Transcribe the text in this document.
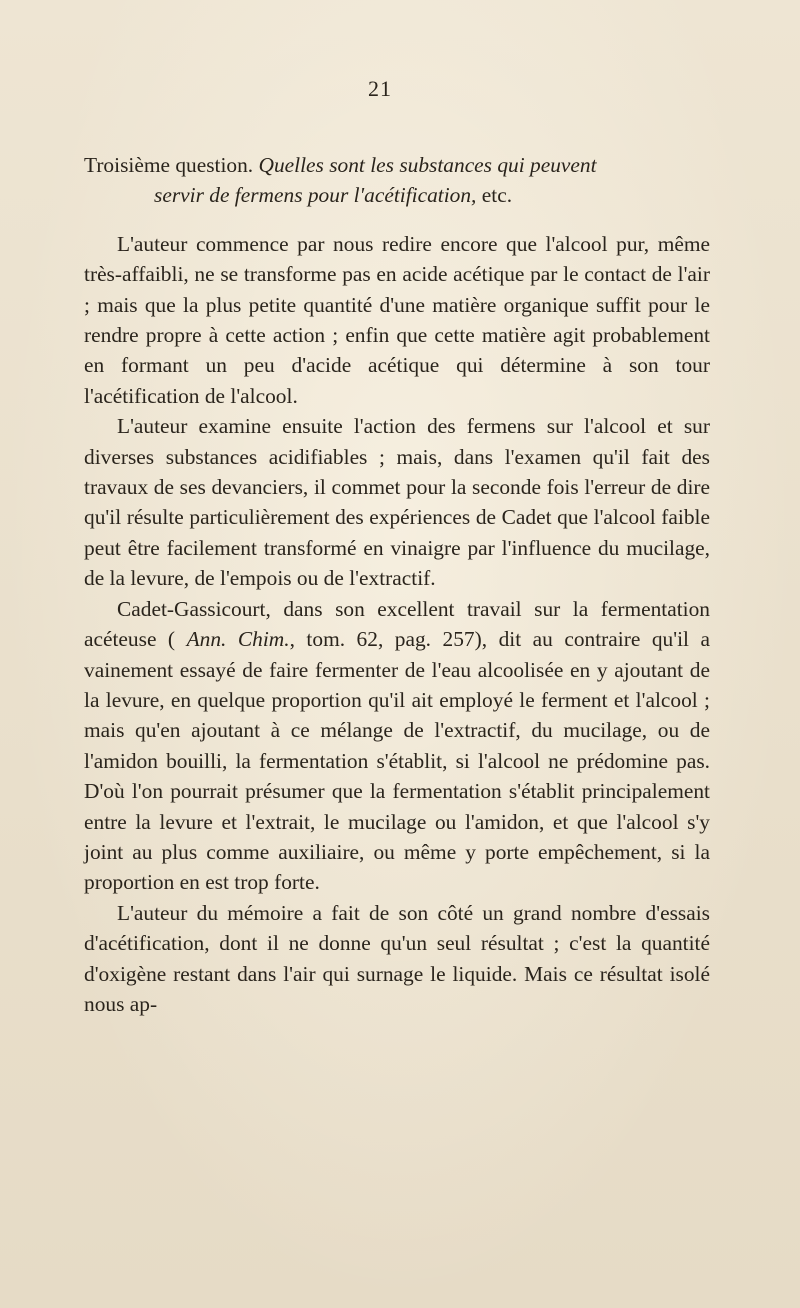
21

Troisième question. Quelles sont les substances qui peuvent
servir de fermens pour l'acétification, etc.

L'auteur commence par nous redire encore que l'alcool pur, même très-affaibli, ne se transforme pas en acide acétique par le contact de l'air ; mais que la plus petite quantité d'une matière organique suffit pour le rendre propre à cette action ; enfin que cette matière agit probablement en formant un peu d'acide acétique qui détermine à son tour l'acétification de l'alcool.

L'auteur examine ensuite l'action des fermens sur l'alcool et sur diverses substances acidifiables ; mais, dans l'examen qu'il fait des travaux de ses devanciers, il commet pour la seconde fois l'erreur de dire qu'il résulte particulièrement des expériences de Cadet que l'alcool faible peut être facilement transformé en vinaigre par l'influence du mucilage, de la levure, de l'empois ou de l'extractif.

Cadet-Gassicourt, dans son excellent travail sur la fermentation acéteuse ( Ann. Chim., tom. 62, pag. 257), dit au contraire qu'il a vainement essayé de faire fermenter de l'eau alcoolisée en y ajoutant de la levure, en quelque proportion qu'il ait employé le ferment et l'alcool ; mais qu'en ajoutant à ce mélange de l'extractif, du mucilage, ou de l'amidon bouilli, la fermentation s'établit, si l'alcool ne prédomine pas. D'où l'on pourrait présumer que la fermentation s'établit principalement entre la levure et l'extrait, le mucilage ou l'amidon, et que l'alcool s'y joint au plus comme auxiliaire, ou même y porte empêchement, si la proportion en est trop forte.

L'auteur du mémoire a fait de son côté un grand nombre d'essais d'acétification, dont il ne donne qu'un seul résultat ; c'est la quantité d'oxigène restant dans l'air qui surnage le liquide. Mais ce résultat isolé nous ap-
